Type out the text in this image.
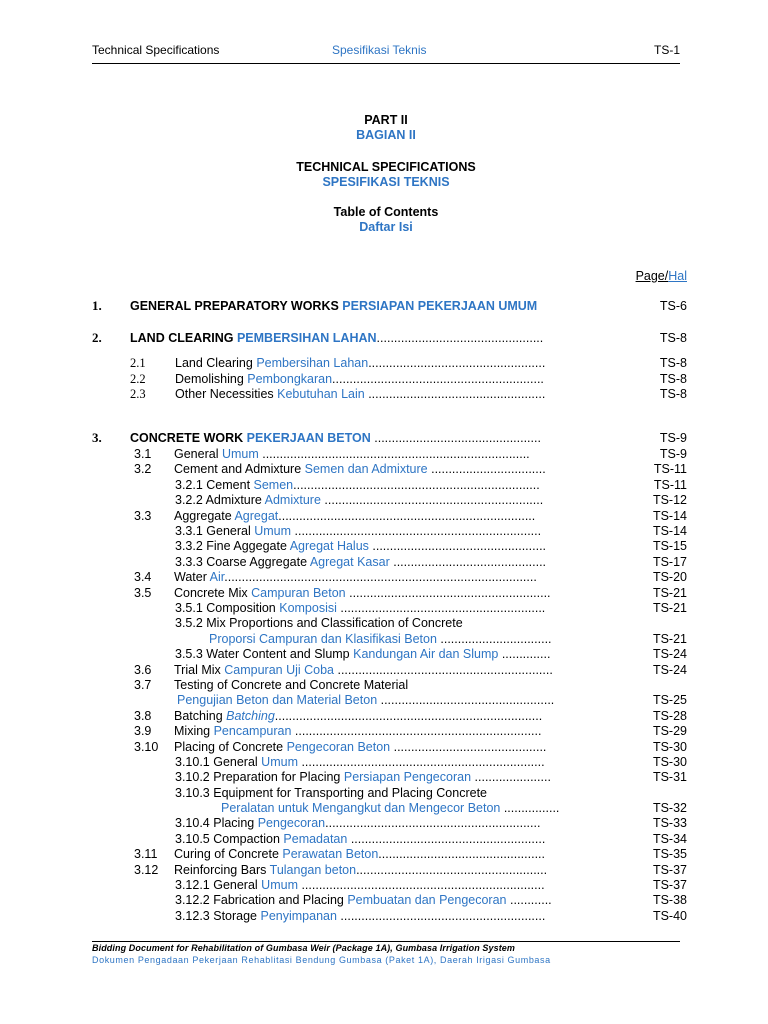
Technical Specifications	Spesifikasi Teknis	TS-1
PART II
BAGIAN II
TECHNICAL SPECIFICATIONS
SPESIFIKASI TEKNIS
Table of Contents
Daftar Isi
Page/Hal
1. GENERAL PREPARATORY WORKS PERSIAPAN PEKERJAAN UMUM	TS-6
2. LAND CLEARING PEMBERSIHAN LAHAN................................................	TS-8
2.1 Land Clearing Pembersihan Lahan...................................................	TS-8
2.2 Demolishing Pembongkaran.............................................................	TS-8
2.3 Other Necessities Kebutuhan Lain ...................................................	TS-8
3. CONCRETE WORK PEKERJAAN BETON ................................................	TS-9
3.1 General Umum .............................................................................	TS-9
3.2 Cement and Admixture Semen dan Admixture .................................	TS-11
3.2.1 Cement Semen.......................................................................	TS-11
3.2.2 Admixture Admixture ...............................................................	TS-12
3.3 Aggregate Agregat..........................................................................	TS-14
3.3.1 General Umum .......................................................................	TS-14
3.3.2 Fine Aggegate Agregat Halus ..................................................	TS-15
3.3.3 Coarse Aggregate Agregat Kasar ............................................	TS-17
3.4 Water Air..........................................................................................	TS-20
3.5 Concrete Mix Campuran Beton ..........................................................	TS-21
3.5.1 Composition Komposisi ...........................................................	TS-21
3.5.2 Mix Proportions and Classification of Concrete
Proporsi Campuran dan Klasifikasi Beton ................................	TS-21
3.5.3 Water Content and Slump Kandungan Air dan Slump ..............	TS-24
3.6 Trial Mix Campuran Uji Coba ..............................................................	TS-24
3.7 Testing of Concrete and Concrete Material
Pengujian Beton dan Material Beton ..................................................	TS-25
3.8 Batching Batching.............................................................................	TS-28
3.9 Mixing Pencampuran .......................................................................	TS-29
3.10 Placing of Concrete Pengecoran Beton ............................................	TS-30
3.10.1 General Umum ......................................................................	TS-30
3.10.2 Preparation for Placing Persiapan Pengecoran ......................	TS-31
3.10.3 Equipment for Transporting and Placing Concrete
Peralatan untuk Mengangkut dan Mengecor Beton ................	TS-32
3.10.4 Placing Pengecoran..............................................................	TS-33
3.10.5 Compaction Pemadatan ........................................................	TS-34
3.11 Curing of Concrete Perawatan Beton................................................	TS-35
3.12 Reinforcing Bars Tulangan beton.......................................................	TS-37
3.12.1 General Umum ......................................................................	TS-37
3.12.2 Fabrication and Placing Pembuatan dan Pengecoran ............	TS-38
3.12.3 Storage Penyimpanan ...........................................................	TS-40
Bidding Document for Rehabilitation of Gumbasa Weir (Package 1A), Gumbasa Irrigation System
Dokumen Pengadaan Pekerjaan Rehablitasi Bendung Gumbasa (Paket 1A), Daerah Irigasi Gumbasa
